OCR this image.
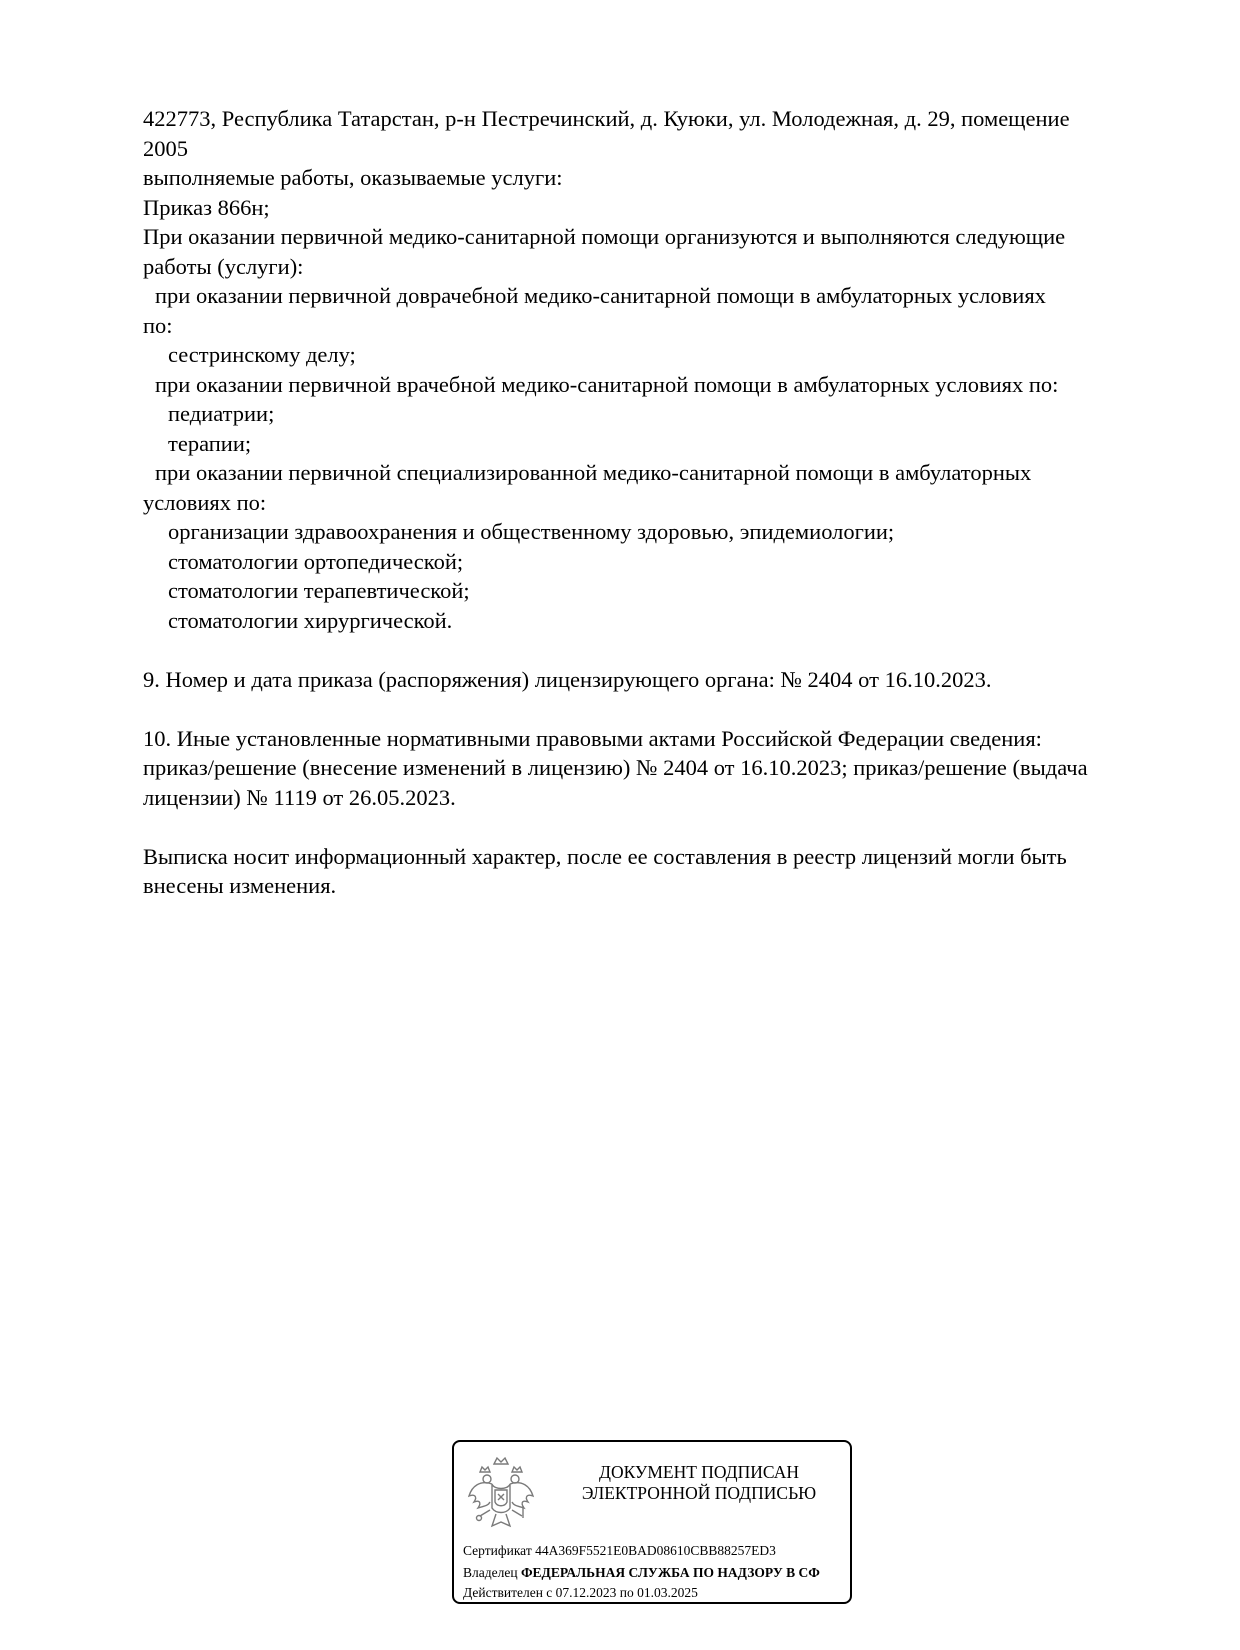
422773, Республика Татарстан, р-н Пестречинский, д. Куюки, ул. Молодежная, д. 29, помещение

2005

выполняемые работы, оказываемые услуги:

Приказ 866н;

При оказании первичной медико-санитарной помощи организуются и выполняются следующие

работы (услуги):

при оказании первичной доврачебной медико-санитарной помощи в амбулаторных условиях

по:

сестринскому делу;

при оказании первичной врачебной медико-санитарной помощи в амбулаторных условиях по:

педиатрии;

терапии;

при оказании первичной специализированной медико-санитарной помощи в амбулаторных

условиях по:

организации здравоохранения и общественному здоровью, эпидемиологии;

стоматологии ортопедической;

стоматологии терапевтической;

стоматологии хирургической.

9. Номер и дата приказа (распоряжения) лицензирующего органа: № 2404 от 16.10.2023.

10. Иные установленные нормативными правовыми актами Российской Федерации сведения:

приказ/решение (внесение изменений в лицензию) № 2404 от 16.10.2023; приказ/решение (выдача

лицензии) № 1119 от 26.05.2023.

Выписка носит информационный характер, после ее составления в реестр лицензий могли быть

внесены изменения.

ДОКУМЕНТ ПОДПИСАН
ЭЛЕКТРОННОЙ ПОДПИСЬЮ
Сертификат 44A369F5521E0BAD08610CBB88257ED3
Владелец ФЕДЕРАЛЬНАЯ СЛУЖБА ПО НАДЗОРУ В СФ
Действителен с 07.12.2023 по 01.03.2025
